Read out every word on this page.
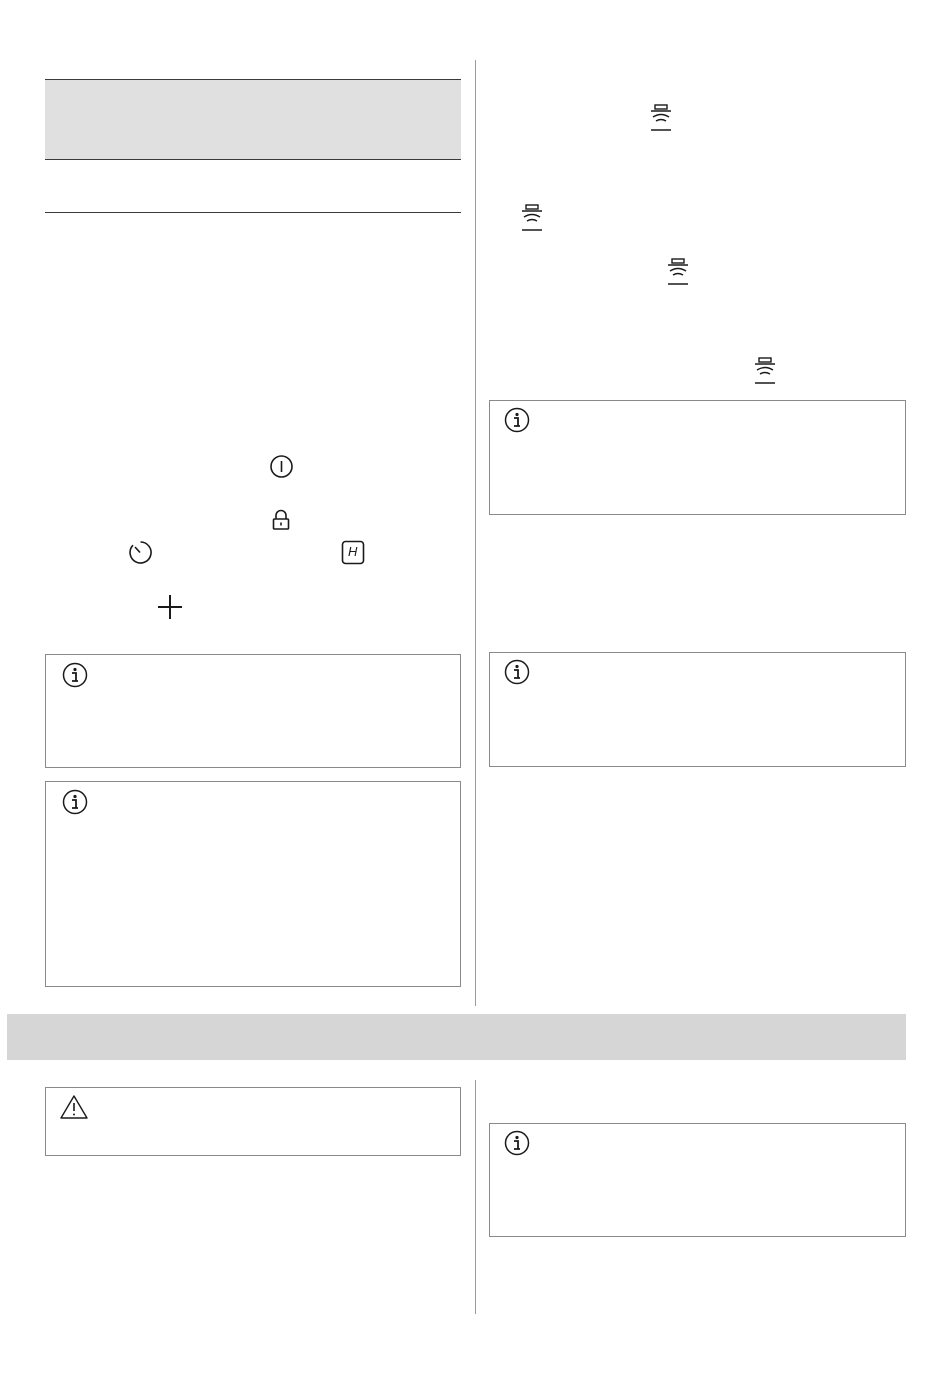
H
